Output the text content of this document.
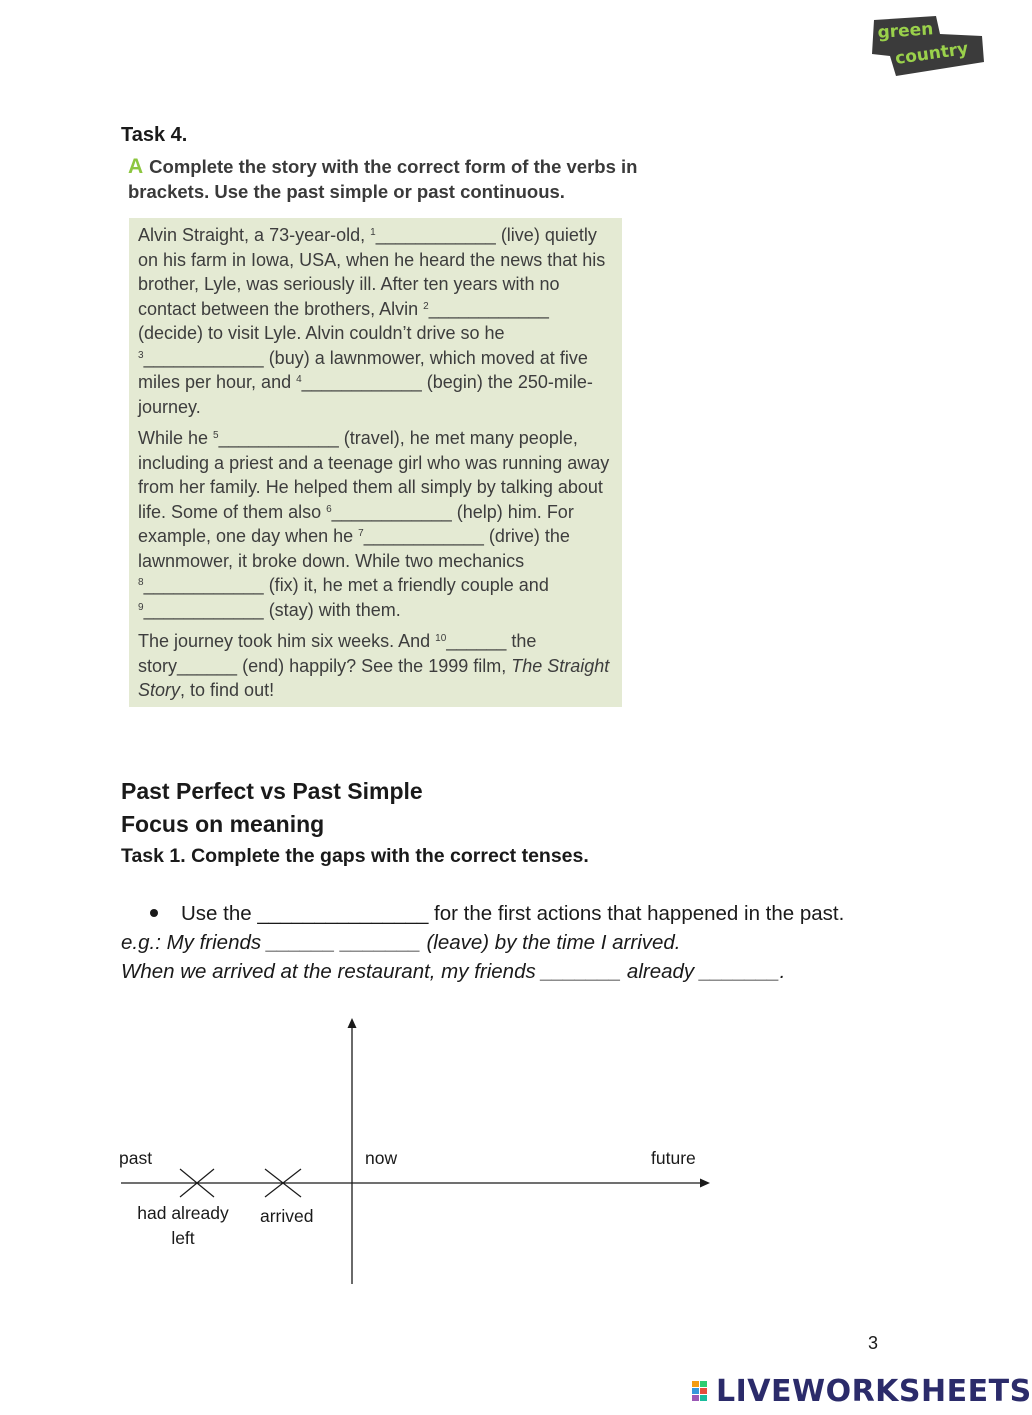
green
country
Task 4.
A Complete the story with the correct form of the verbs in brackets. Use the past simple or past continuous.

Alvin Straight, a 73-year-old, $^1$____________ (live) quietly on his farm in Iowa, USA, when he heard the news that his brother, Lyle, was seriously ill. After ten years with no contact between the brothers, Alvin $^2$____________ (decide) to visit Lyle. Alvin couldn’t drive so he $^3$____________ (buy) a lawnmower, which moved at five miles per hour, and $^4$____________ (begin) the 250-mile-journey.

While he $^5$____________ (travel), he met many people, including a priest and a teenage girl who was running away from her family. He helped them all simply by talking about life. Some of them also $^6$____________ (help) him. For example, one day when he $^7$____________ (drive) the lawnmower, it broke down. While two mechanics $^8$____________ (fix) it, he met a friendly couple and $^9$____________ (stay) with them.

The journey took him six weeks. And $^{10}$______ the story______ (end) happily? See the 1999 film, The Straight Story, to find out!

Past Perfect vs Past Simple
Focus on meaning
Task 1. Complete the gaps with the correct tenses.
Use the _______________ for the first actions that happened in the past.
e.g.: My friends ______ _______ (leave) by the time I arrived.
When we arrived at the restaurant, my friends _______ already _______.
past	now	future
had already left
arrived
3
LIVEWORKSHEETS
